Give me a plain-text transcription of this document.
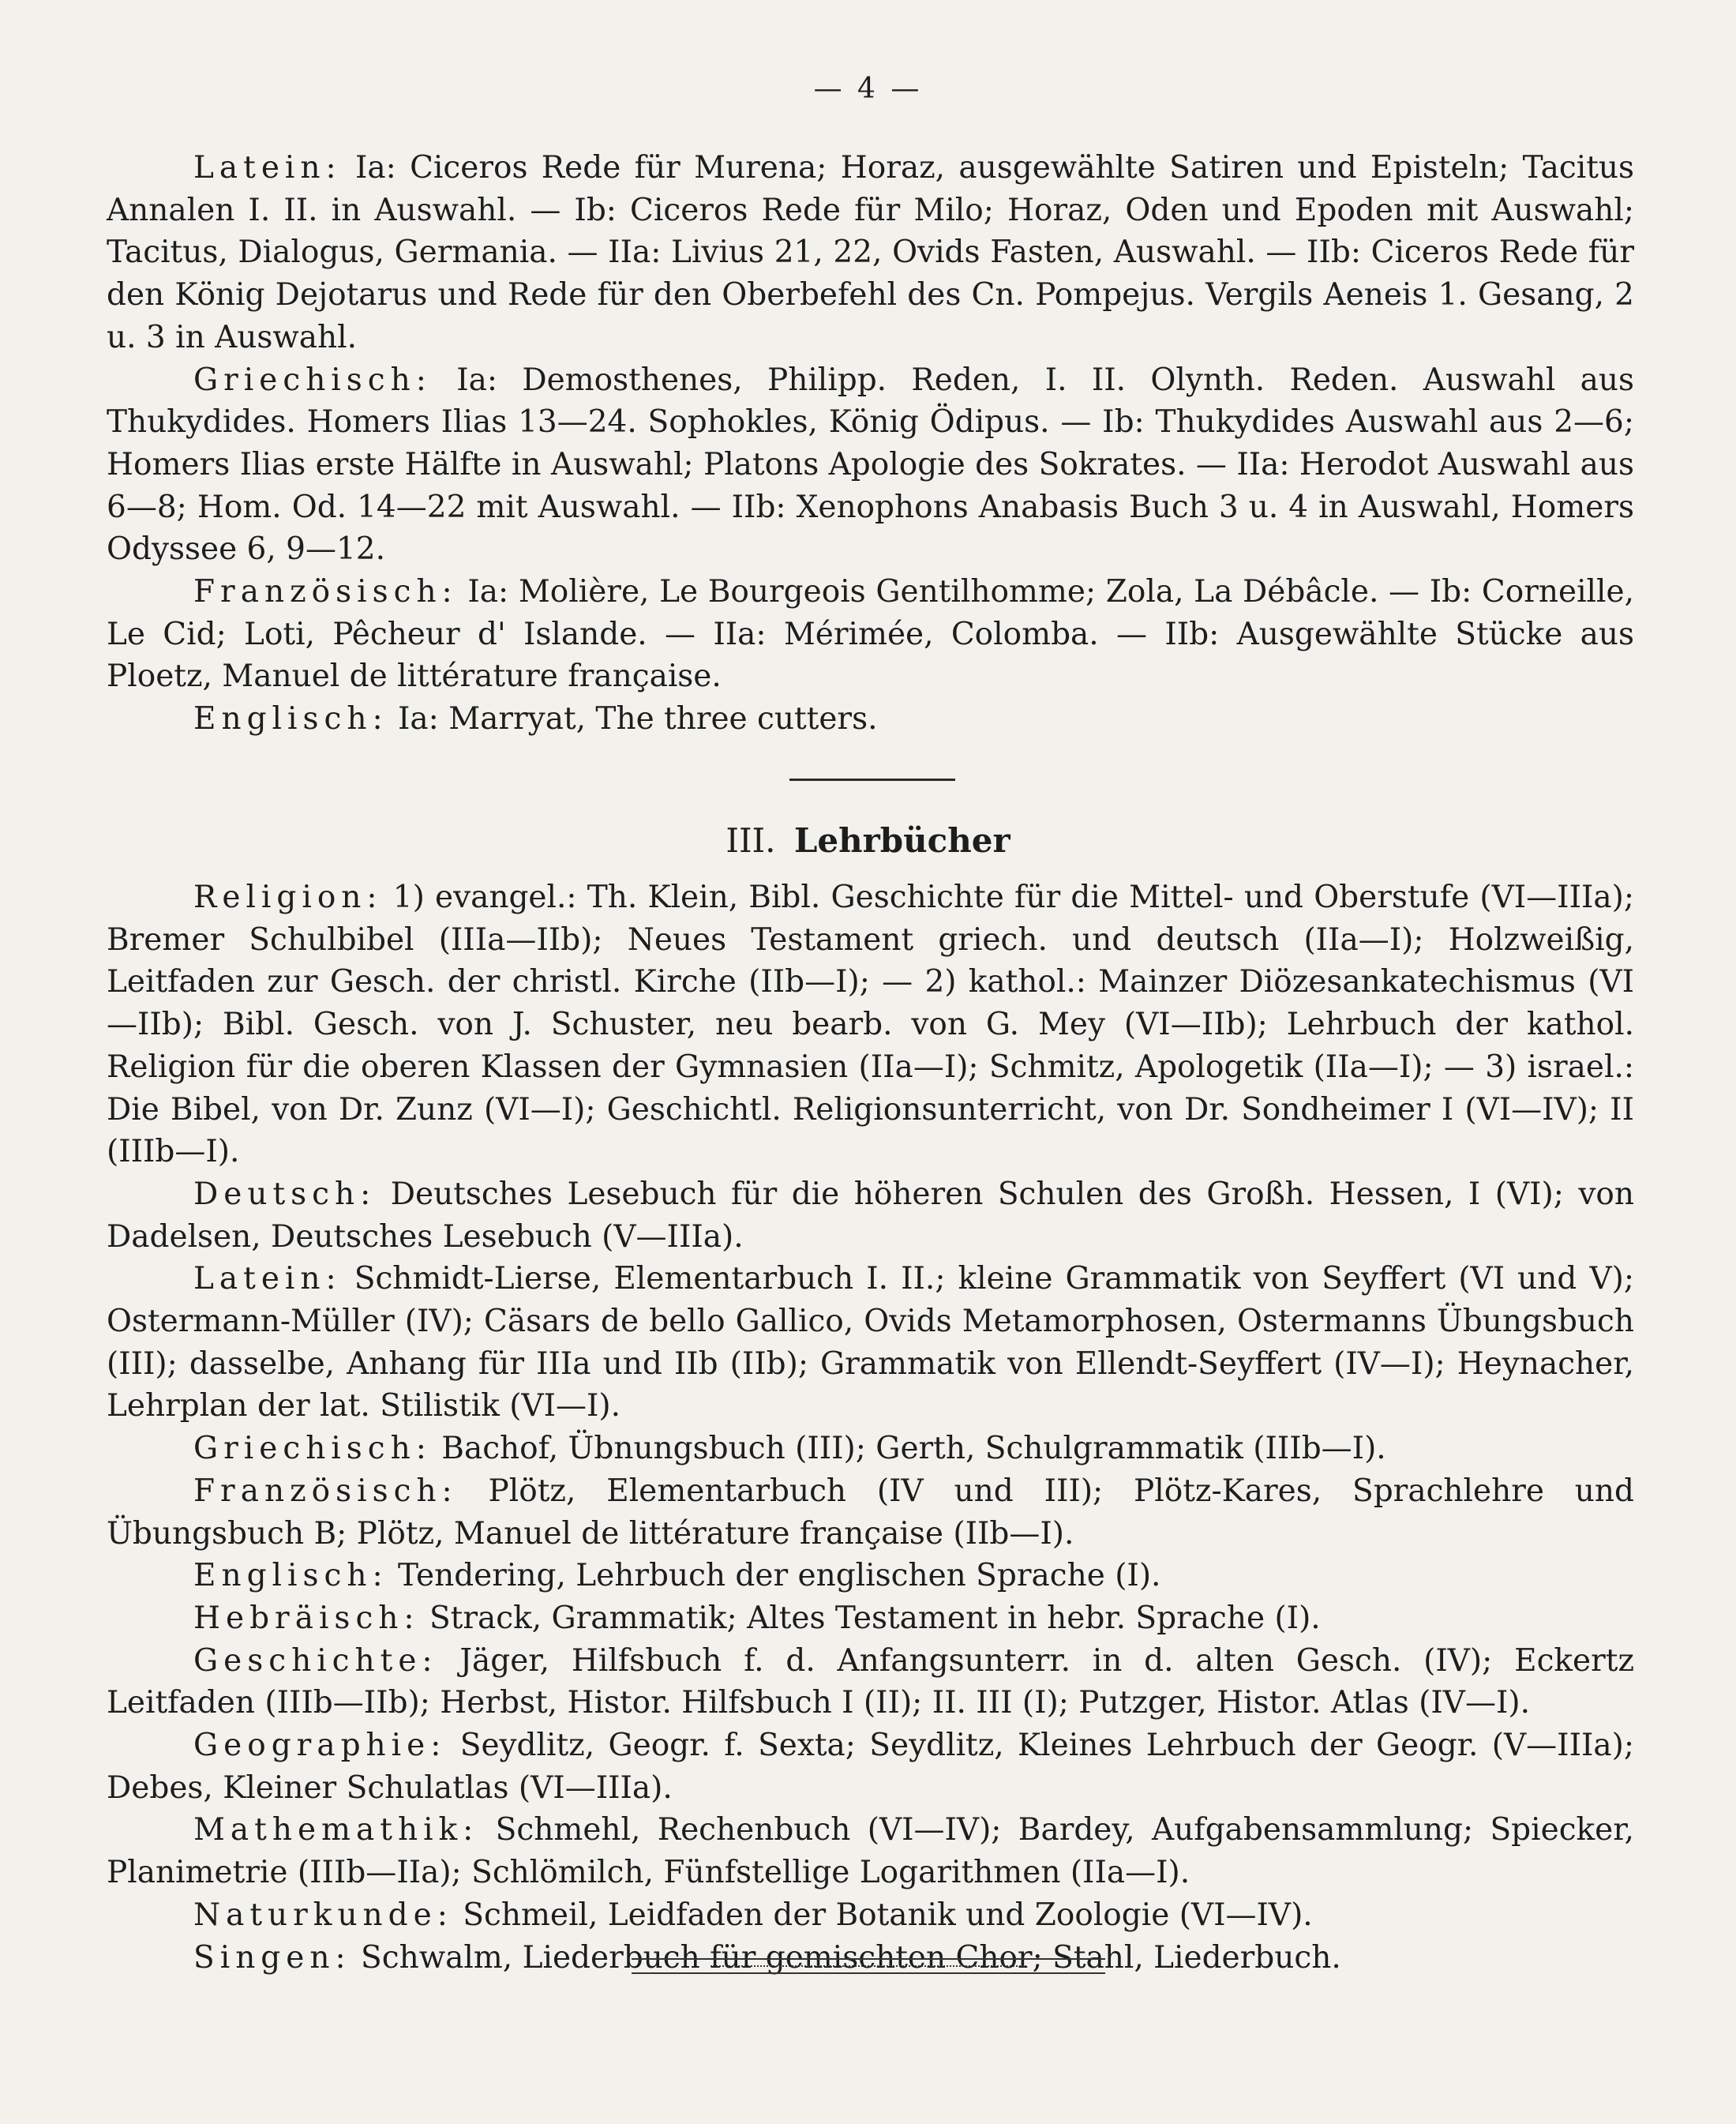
— 4 —

Latein: Ia: Ciceros Rede für Murena; Horaz, ausgewählte Satiren und Episteln; Tacitus Annalen I. II. in Auswahl. — Ib: Ciceros Rede für Milo; Horaz, Oden und Epoden mit Auswahl; Tacitus, Dialogus, Germania. — IIa: Livius 21, 22, Ovids Fasten, Auswahl. — IIb: Ciceros Rede für den König Dejotarus und Rede für den Oberbefehl des Cn. Pompejus. Vergils Aeneis 1. Gesang, 2 u. 3 in Auswahl.

Griechisch: Ia: Demosthenes, Philipp. Reden, I. II. Olynth. Reden. Auswahl aus Thukydides. Homers Ilias 13—24. Sophokles, König Ödipus. — Ib: Thukydides Auswahl aus 2—6; Homers Ilias erste Hälfte in Auswahl; Platons Apologie des Sokrates. — IIa: Herodot Auswahl aus 6—8; Hom. Od. 14—22 mit Auswahl. — IIb: Xenophons Anabasis Buch 3 u. 4 in Auswahl, Homers Odyssee 6, 9—12.

Französisch: Ia: Molière, Le Bourgeois Gentilhomme; Zola, La Débâcle. — Ib: Corneille, Le Cid; Loti, Pêcheur d' Islande. — IIa: Mérimée, Colomba. — IIb: Ausgewählte Stücke aus Ploetz, Manuel de littérature française.

Englisch: Ia: Marryat, The three cutters.

III. Lehrbücher

Religion: 1) evangel.: Th. Klein, Bibl. Geschichte für die Mittel- und Oberstufe (VI—IIIa); Bremer Schulbibel (IIIa—IIb); Neues Testament griech. und deutsch (IIa—I); Holzweißig, Leitfaden zur Gesch. der christl. Kirche (IIb—I); — 2) kathol.: Mainzer Diözesankatechismus (VI—IIb); Bibl. Gesch. von J. Schuster, neu bearb. von G. Mey (VI—IIb); Lehrbuch der kathol. Religion für die oberen Klassen der Gymnasien (IIa—I); Schmitz, Apologetik (IIa—I); — 3) israel.: Die Bibel, von Dr. Zunz (VI—I); Geschichtl. Religionsunterricht, von Dr. Sondheimer I (VI—IV); II (IIIb—I).

Deutsch: Deutsches Lesebuch für die höheren Schulen des Großh. Hessen, I (VI); von Dadelsen, Deutsches Lesebuch (V—IIIa).

Latein: Schmidt-Lierse, Elementarbuch I. II.; kleine Grammatik von Seyffert (VI und V); Ostermann-Müller (IV); Cäsars de bello Gallico, Ovids Metamorphosen, Ostermanns Übungsbuch (III); dasselbe, Anhang für IIIa und IIb (IIb); Grammatik von Ellendt-Seyffert (IV—I); Heynacher, Lehrplan der lat. Stilistik (VI—I).

Griechisch: Bachof, Übnungsbuch (III); Gerth, Schulgrammatik (IIIb—I).

Französisch: Plötz, Elementarbuch (IV und III); Plötz-Kares, Sprachlehre und Übungsbuch B; Plötz, Manuel de littérature française (IIb—I).

Englisch: Tendering, Lehrbuch der englischen Sprache (I).

Hebräisch: Strack, Grammatik; Altes Testament in hebr. Sprache (I).

Geschichte: Jäger, Hilfsbuch f. d. Anfangsunterr. in d. alten Gesch. (IV); Eckertz Leitfaden (IIIb—IIb); Herbst, Histor. Hilfsbuch I (II); II. III (I); Putzger, Histor. Atlas (IV—I).

Geographie: Seydlitz, Geogr. f. Sexta; Seydlitz, Kleines Lehrbuch der Geogr. (V—IIIa); Debes, Kleiner Schulatlas (VI—IIIa).

Mathemathik: Schmehl, Rechenbuch (VI—IV); Bardey, Aufgabensammlung; Spiecker, Planimetrie (IIIb—IIa); Schlömilch, Fünfstellige Logarithmen (IIa—I).

Naturkunde: Schmeil, Leidfaden der Botanik und Zoologie (VI—IV).

Singen: Schwalm, Liederbuch für gemischten Chor; Stahl, Liederbuch.
